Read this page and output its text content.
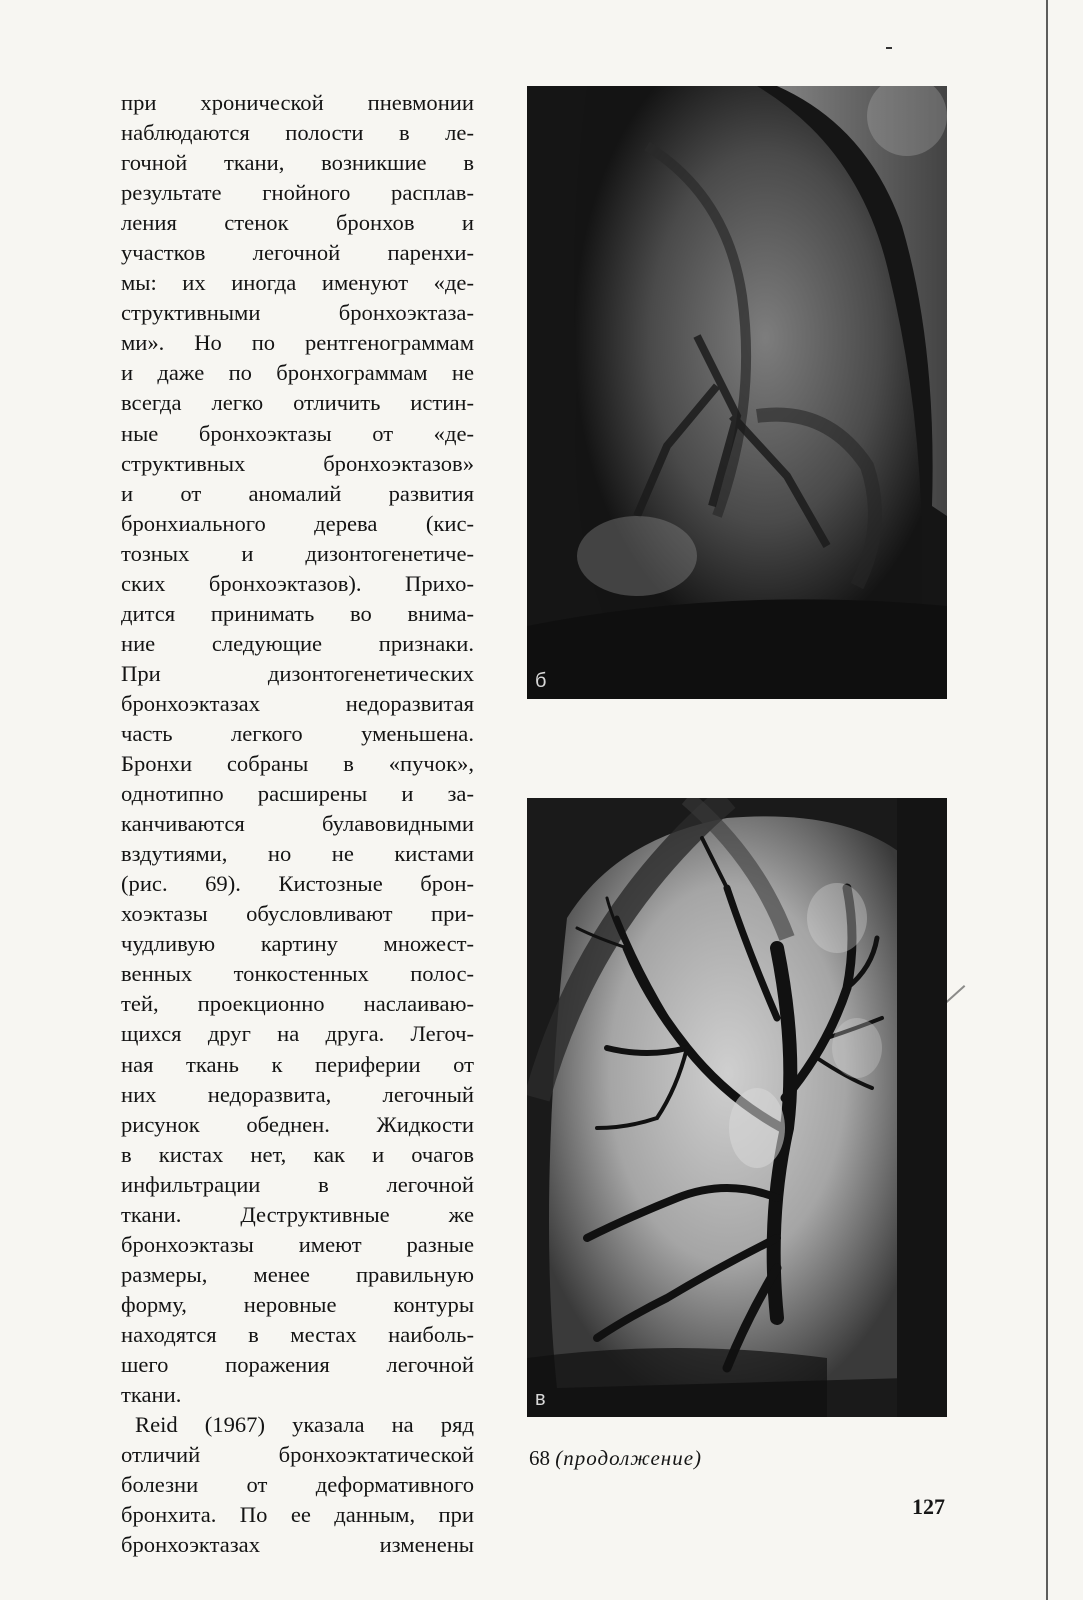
при хронической пневмонии
наблюдаются полости в ле-
гочной ткани, возникшие в
результате гнойного расплав-
ления стенок бронхов и
участков легочной паренхи-
мы: их иногда именуют «де-
структивными бронхоэктаза-
ми». Но по рентгенограммам
и даже по бронхограммам не
всегда легко отличить истин-
ные бронхоэктазы от «де-
структивных бронхоэктазов»
и от аномалий развития
бронхиального дерева (кис-
тозных и дизонтогенетиче-
ских бронхоэктазов). Прихо-
дится принимать во внима-
ние следующие признаки.
При дизонтогенетических
бронхоэктазах недоразвитая
часть легкого уменьшена.
Бронхи собраны в «пучок»,
однотипно расширены и за-
канчиваются булавовидными
вздутиями, но не кистами
(рис. 69). Кистозные брон-
хоэктазы обусловливают при-
чудливую картину множест-
венных тонкостенных полос-
тей, проекционно наслаиваю-
щихся друг на друга. Легоч-
ная ткань к периферии от
них недоразвита, легочный
рисунок обеднен. Жидкости
в кистах нет, как и очагов
инфильтрации в легочной
ткани. Деструктивные же
бронхоэктазы имеют разные
размеры, менее правильную
форму, неровные контуры
находятся в местах наиболь-
шего поражения легочной
ткани.

Reid (1967) указала на ряд
отличий бронхоэктатической
болезни от деформативного
бронхита. По ее данным, при
бронхоэктазах изменены

б
в
68 (продолжение)
127
